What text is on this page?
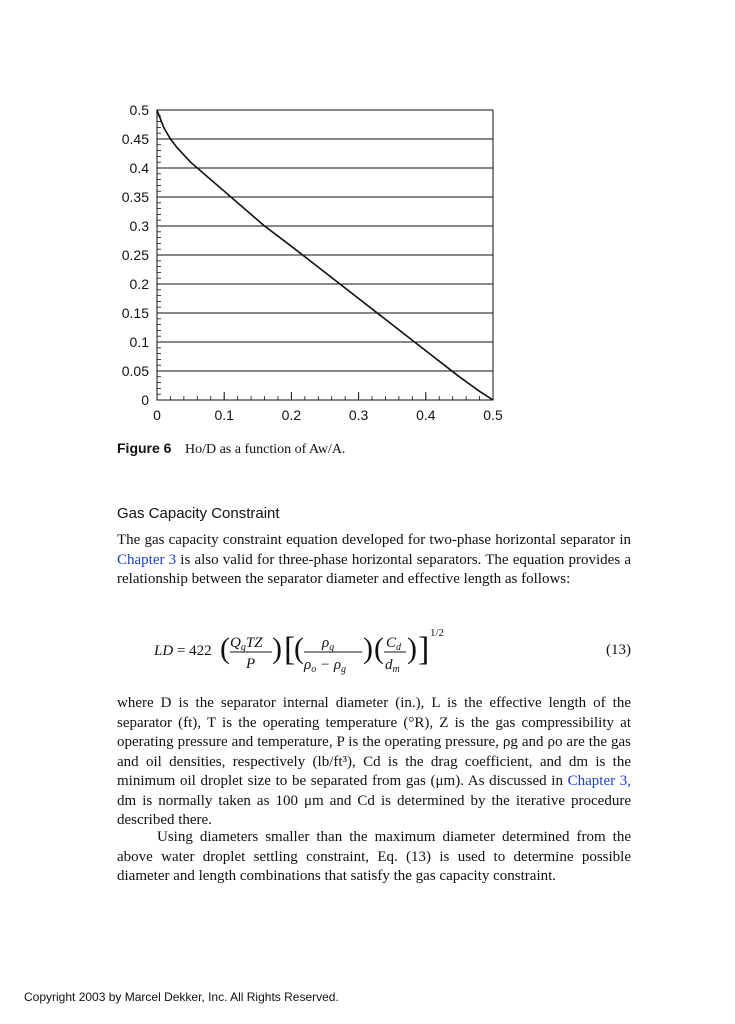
0
0.05
0.1
0.15
0.2
0.25
0.3
0.35
0.4
0.45
0.5
0	0.1	0.2	0.3	0.4	0.5
Figure 6 Ho/D as a function of Aw/A.
Gas Capacity Constraint
The gas capacity constraint equation developed for two-phase horizontal separator in Chapter 3 is also valid for three-phase horizontal separators. The equation provides a relationship between the separator diameter and effective length as follows:
LD = 422 ( $Q_gTZ$
P ) [
( $\rho_g$
$\rho_o - \rho_g$
) ( $C_d$
$d_m$
) ] 1/2
(13)
where D is the separator internal diameter (in.), L is the effective length of the separator (ft), T is the operating temperature (°R), Z is the gas compressibility at operating pressure and temperature, P is the operating pressure, ρg and ρo are the gas and oil densities, respectively (lb/ft³), Cd is the drag coefficient, and dm is the minimum oil droplet size to be separated from gas (μm). As discussed in Chapter 3, dm is normally taken as 100 μm and Cd is determined by the iterative procedure described there.
Using diameters smaller than the maximum diameter determined from the above water droplet settling constraint, Eq. (13) is used to determine possible diameter and length combinations that satisfy the gas capacity constraint.
Copyright 2003 by Marcel Dekker, Inc. All Rights Reserved.
